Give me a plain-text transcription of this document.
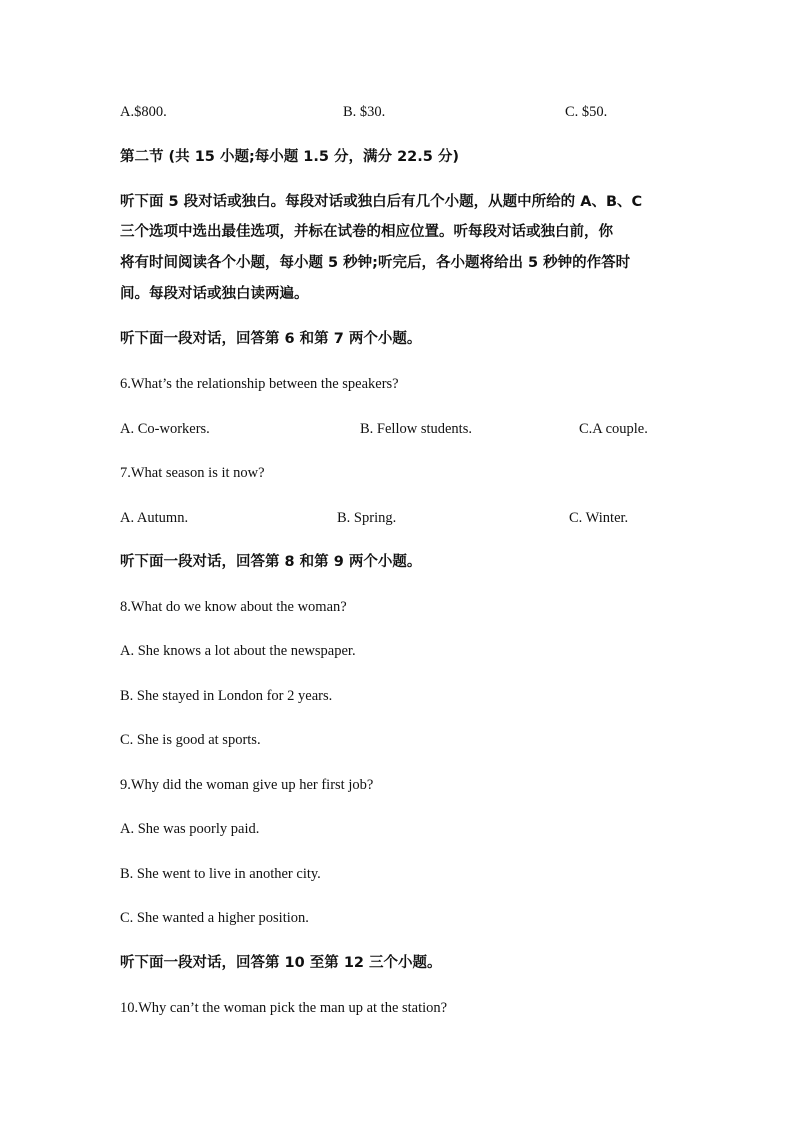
A.$800.	B. $30.	C. $50.
第二节 (共 15 小题;每小题 1.5 分，满分 22.5 分)
听下面 5 段对话或独白。每段对话或独白后有几个小题，从题中所给的 A、B、C
三个选项中选出最佳选项，并标在试卷的相应位置。听每段对话或独白前，你
将有时间阅读各个小题，每小题 5 秒钟;听完后，各小题将给出 5 秒钟的作答时
间。每段对话或独白读两遍。
听下面一段对话，回答第 6 和第 7 两个小题。
6.What’s the relationship between the speakers?
A. Co-workers.	B. Fellow students.	C.A couple.
7.What season is it now?
A. Autumn.	B. Spring.	C. Winter.
听下面一段对话，回答第 8 和第 9 两个小题。
8.What do we know about the woman?
A. She knows a lot about the newspaper.
B. She stayed in London for 2 years.
C. She is good at sports.
9.Why did the woman give up her first job?
A. She was poorly paid.
B. She went to live in another city.
C. She wanted a higher position.
听下面一段对话，回答第 10 至第 12 三个小题。
10.Why can’t the woman pick the man up at the station?
